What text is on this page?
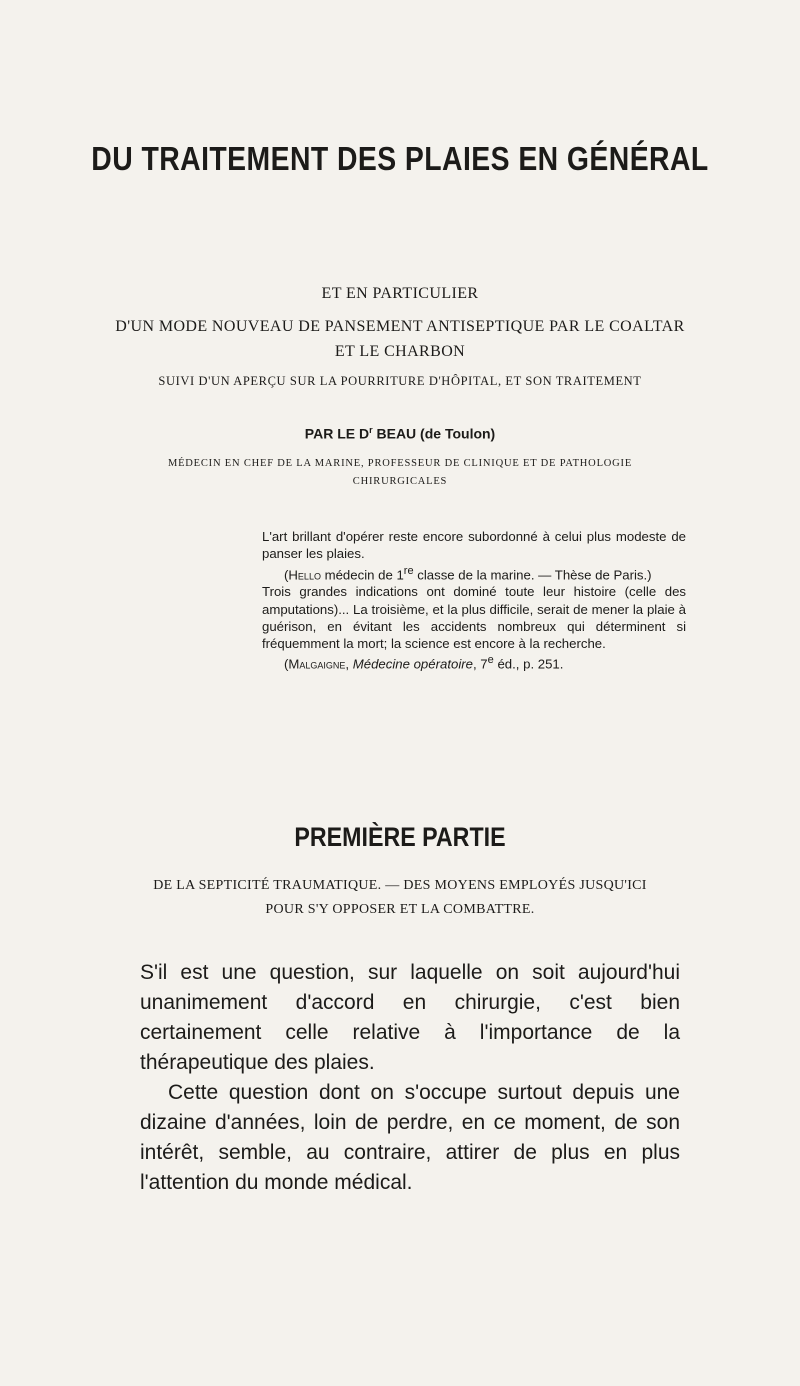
DU TRAITEMENT DES PLAIES EN GÉNÉRAL
ET EN PARTICULIER
D'UN MODE NOUVEAU DE PANSEMENT ANTISEPTIQUE PAR LE COALTAR
ET LE CHARBON
SUIVI D'UN APERÇU SUR LA POURRITURE D'HÔPITAL, ET SON TRAITEMENT
PAR LE $D^r$ BEAU (de Toulon)
MÉDECIN EN CHEF DE LA MARINE, PROFESSEUR DE CLINIQUE ET DE PATHOLOGIE
CHIRURGICALES

L'art brillant d'opérer reste encore subordonné à celui plus modeste de panser les plaies.

(Hello médecin de 1re classe de la marine. — Thèse de Paris.)

Trois grandes indications ont dominé toute leur histoire (celle des amputations)... La troisième, et la plus difficile, serait de mener la plaie à guérison, en évitant les accidents nombreux qui déterminent si fréquemment la mort; la science est encore à la recherche.

(Malgaigne, Médecine opératoire, 7e éd., p. 251.

PREMIÈRE PARTIE
DE LA SEPTICITÉ TRAUMATIQUE. — DES MOYENS EMPLOYÉS JUSQU'ICI
POUR S'Y OPPOSER ET LA COMBATTRE.

S'il est une question, sur laquelle on soit aujourd'hui unanimement d'accord en chirurgie, c'est bien certainement celle relative à l'importance de la thérapeutique des plaies.

Cette question dont on s'occupe surtout depuis une dizaine d'années, loin de perdre, en ce moment, de son intérêt, semble, au contraire, attirer de plus en plus l'attention du monde médical.
